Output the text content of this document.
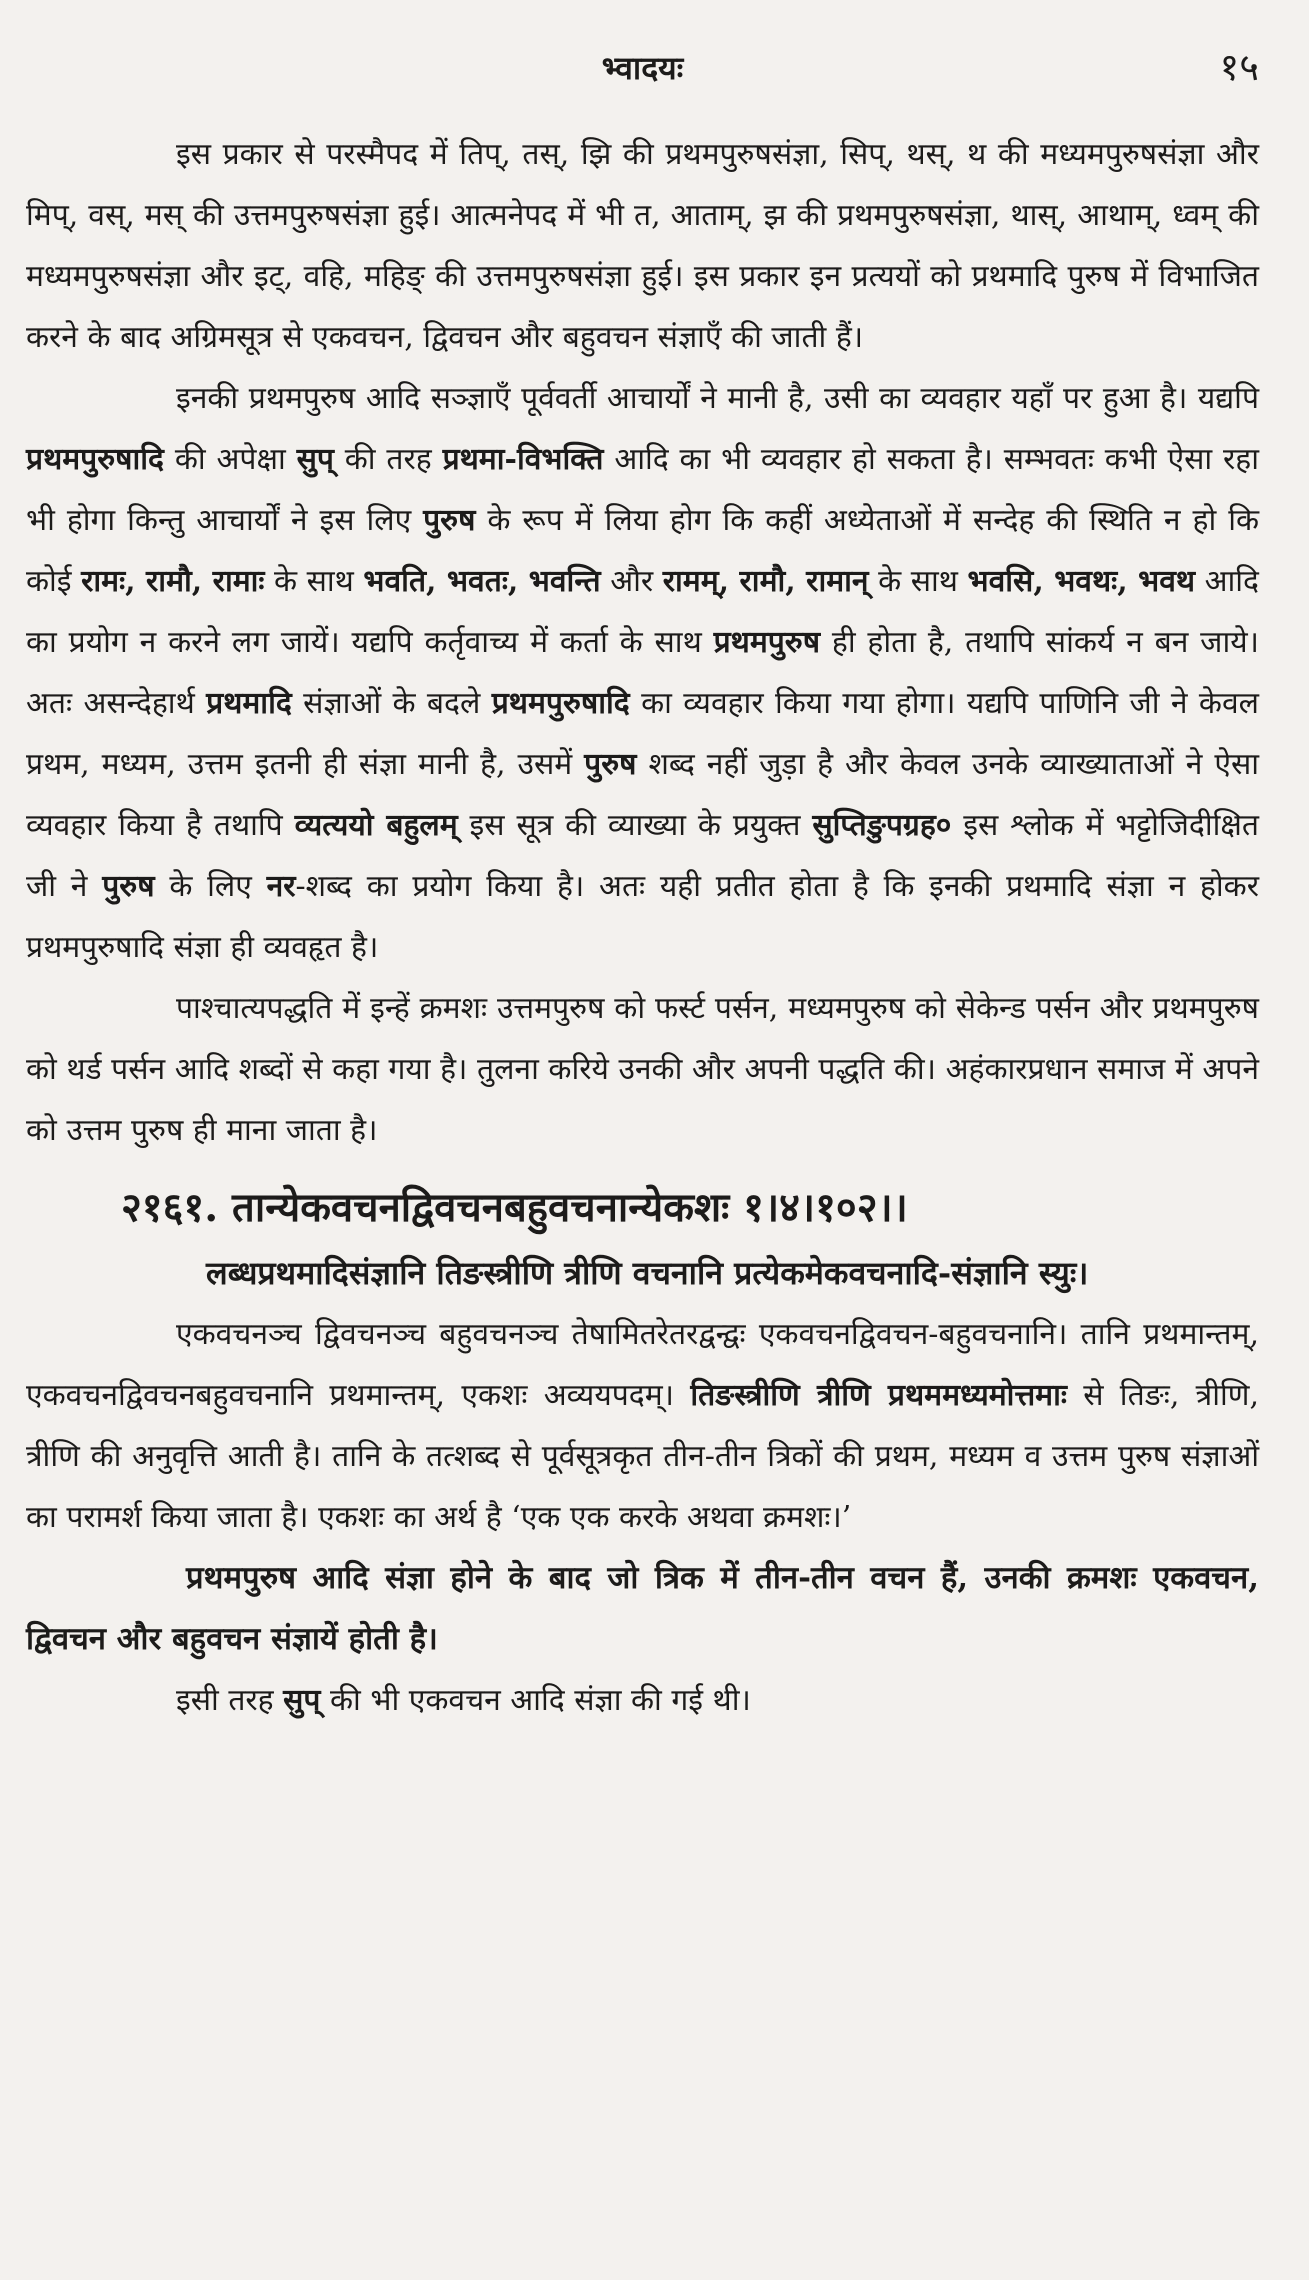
भ्वादयः	१५

इस प्रकार से परस्मैपद में तिप्, तस्, झि की प्रथमपुरुषसंज्ञा, सिप्, थस्, थ की मध्यमपुरुषसंज्ञा और मिप्, वस्, मस् की उत्तमपुरुषसंज्ञा हुई। आत्मनेपद में भी त, आताम्, झ की प्रथमपुरुषसंज्ञा, थास्, आथाम्, ध्वम् की मध्यमपुरुषसंज्ञा और इट्, वहि, महिङ् की उत्तमपुरुषसंज्ञा हुई। इस प्रकार इन प्रत्ययों को प्रथमादि पुरुष में विभाजित करने के बाद अग्रिमसूत्र से एकवचन, द्विवचन और बहुवचन संज्ञाएँ की जाती हैं।

इनकी प्रथमपुरुष आदि सञ्ज्ञाएँ पूर्ववर्ती आचार्यों ने मानी है, उसी का व्यवहार यहाँ पर हुआ है। यद्यपि प्रथमपुरुषादि की अपेक्षा सुप् की तरह प्रथमा-विभक्ति आदि का भी व्यवहार हो सकता है। सम्भवतः कभी ऐसा रहा भी होगा किन्तु आचार्यों ने इस लिए पुरुष के रूप में लिया होग कि कहीं अध्येताओं में सन्देह की स्थिति न हो कि कोई रामः, रामौ, रामाः के साथ भवति, भवतः, भवन्ति और रामम्, रामौ, रामान् के साथ भवसि, भवथः, भवथ आदि का प्रयोग न करने लग जायें। यद्यपि कर्तृवाच्य में कर्ता के साथ प्रथमपुरुष ही होता है, तथापि सांकर्य न बन जाये। अतः असन्देहार्थ प्रथमादि संज्ञाओं के बदले प्रथमपुरुषादि का व्यवहार किया गया होगा। यद्यपि पाणिनि जी ने केवल प्रथम, मध्यम, उत्तम इतनी ही संज्ञा मानी है, उसमें पुरुष शब्द नहीं जुड़ा है और केवल उनके व्याख्याताओं ने ऐसा व्यवहार किया है तथापि व्यत्ययो बहुलम् इस सूत्र की व्याख्या के प्रयुक्त सुप्तिङुपग्रह० इस श्लोक में भट्टोजिदीक्षित जी ने पुरुष के लिए नर-शब्द का प्रयोग किया है। अतः यही प्रतीत होता है कि इनकी प्रथमादि संज्ञा न होकर प्रथमपुरुषादि संज्ञा ही व्यवहृत है।

पाश्चात्यपद्धति में इन्हें क्रमशः उत्तमपुरुष को फर्स्ट पर्सन, मध्यमपुरुष को सेकेन्ड पर्सन और प्रथमपुरुष को थर्ड पर्सन आदि शब्दों से कहा गया है। तुलना करिये उनकी और अपनी पद्धति की। अहंकारप्रधान समाज में अपने को उत्तम पुरुष ही माना जाता है।

२१६१. तान्येकवचनद्विवचनबहुवचनान्येकशः १।४।१०२।।

लब्धप्रथमादिसंज्ञानि तिङस्त्रीणि त्रीणि वचनानि प्रत्येकमेकवचनादि-संज्ञानि स्युः।

एकवचनञ्च द्विवचनञ्च बहुवचनञ्च तेषामितरेतरद्वन्द्वः एकवचनद्विवचन-बहुवचनानि। तानि प्रथमान्तम्, एकवचनद्विवचनबहुवचनानि प्रथमान्तम्, एकशः अव्ययपदम्। तिङस्त्रीणि त्रीणि प्रथममध्यमोत्तमाः से तिङः, त्रीणि, त्रीणि की अनुवृत्ति आती है। तानि के तत्शब्द से पूर्वसूत्रकृत तीन-तीन त्रिकों की प्रथम, मध्यम व उत्तम पुरुष संज्ञाओं का परामर्श किया जाता है। एकशः का अर्थ है ‘एक एक करके अथवा क्रमशः।’

प्रथमपुरुष आदि संज्ञा होने के बाद जो त्रिक में तीन-तीन वचन हैं, उनकी क्रमशः एकवचन, द्विवचन और बहुवचन संज्ञायें होती है।

इसी तरह सुप् की भी एकवचन आदि संज्ञा की गई थी।
